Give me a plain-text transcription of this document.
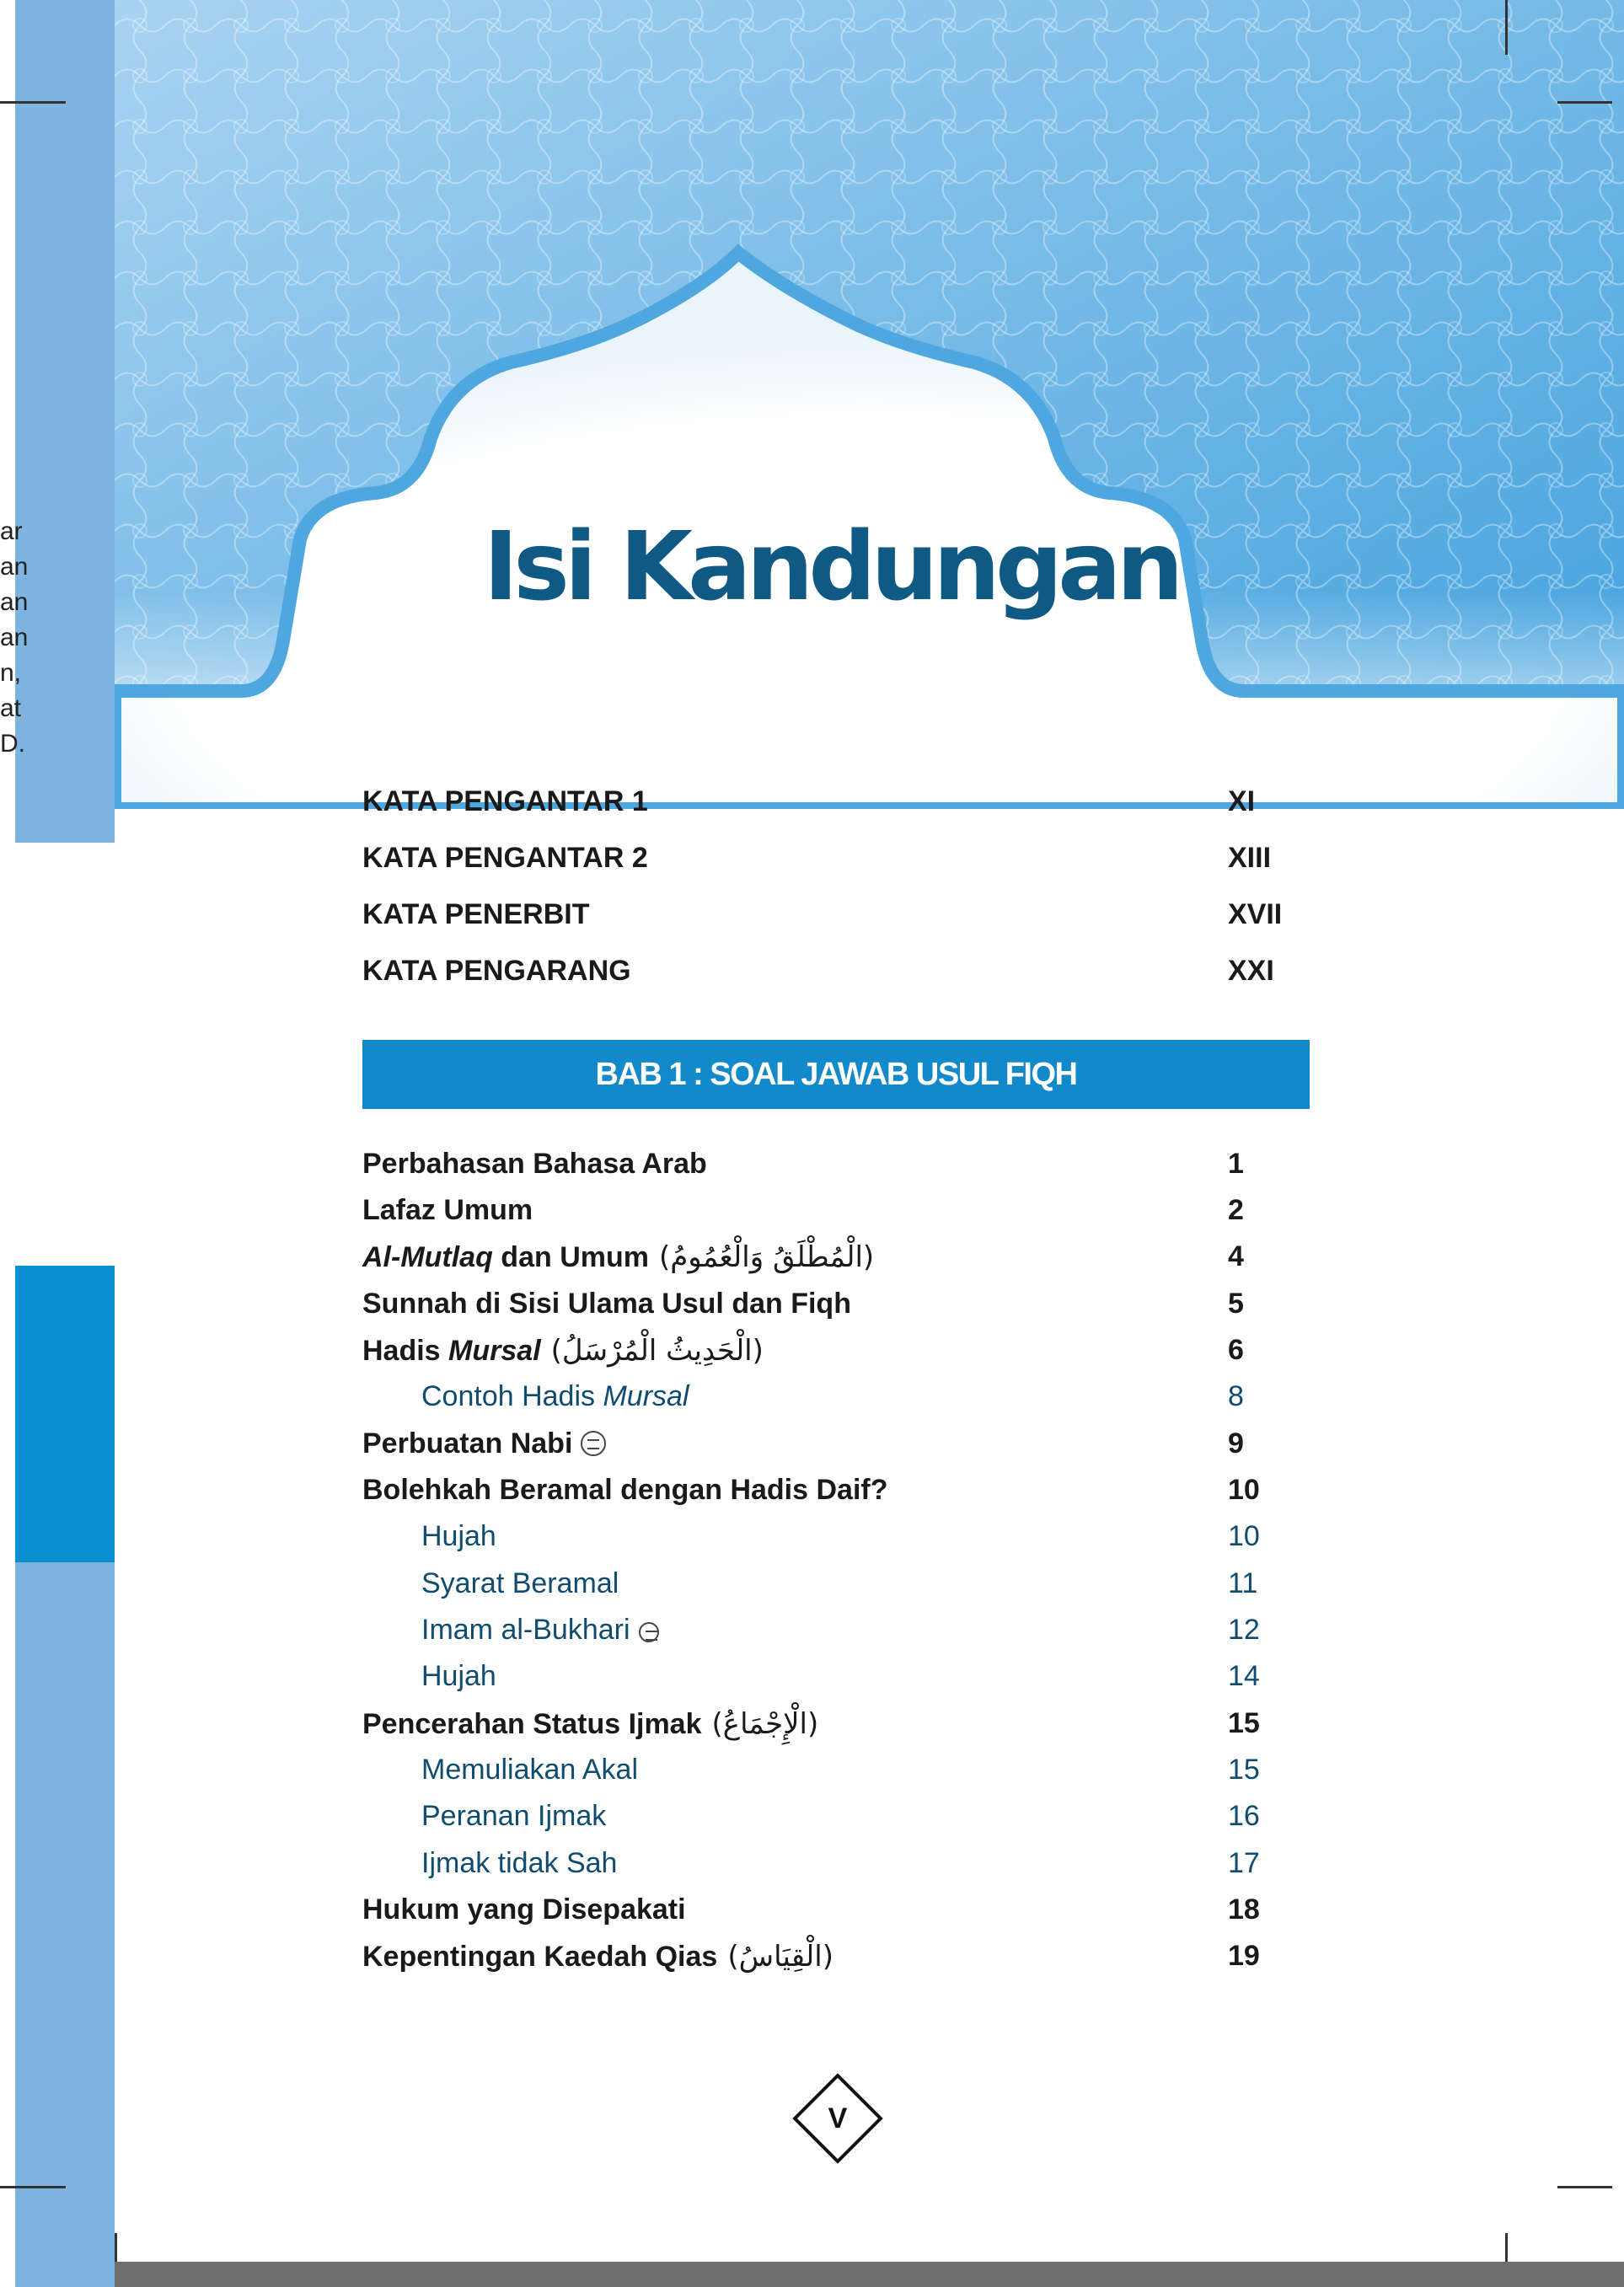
ar
an
an
an
n,
at
D.
Isi Kandungan
KATA PENGANTAR 1	XI
KATA PENGANTAR 2	XIII
KATA PENERBIT	XVII
KATA PENGARANG	XXI
BAB 1 : SOAL JAWAB USUL FIQH
Perbahasan Bahasa Arab	1
Lafaz Umum	2
Al-Mutlaq dan Umum (الْمُطْلَقُ وَالْعُمُومُ)	4
Sunnah di Sisi Ulama Usul dan Fiqh	5
Hadis Mursal (الْحَدِيثُ الْمُرْسَلُ)	6
Contoh Hadis Mursal	8
Perbuatan Nabi	9
Bolehkah Beramal dengan Hadis Daif?	10
Hujah	10
Syarat Beramal	11
Imam al-Bukhari	12
Hujah	14
Pencerahan Status Ijmak (الْإِجْمَاعُ)	15
Memuliakan Akal	15
Peranan Ijmak	16
Ijmak tidak Sah	17
Hukum yang Disepakati	18
Kepentingan Kaedah Qias (الْقِيَاسُ)	19
V
